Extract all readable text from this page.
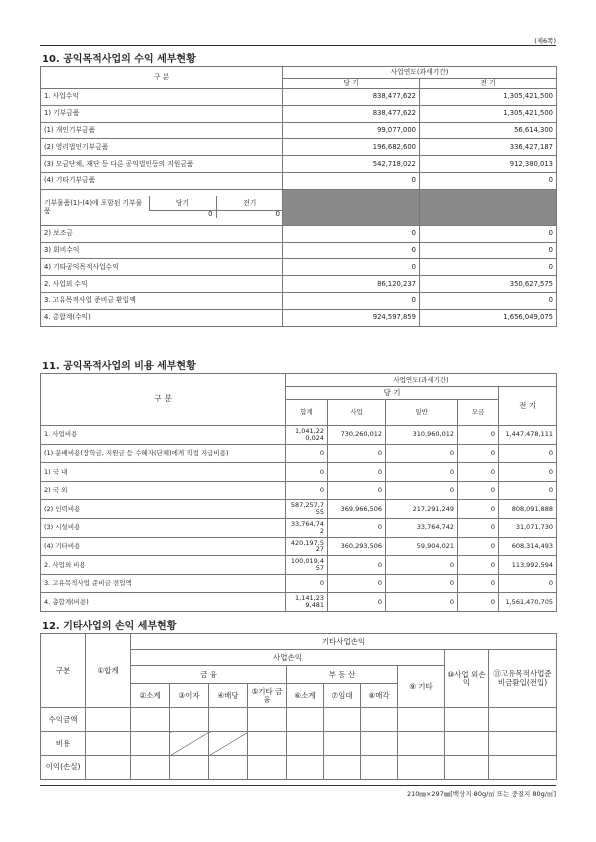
(제6쪽)
10. 공익목적사업의 수익 세부현황
구 분	사업연도(과세기간)
당 기	전 기
1. 사업수익	838,477,622	1,305,421,500
1) 기부금품	838,477,622	1,305,421,500
(1) 개인기부금품	99,077,000	56,614,300
(2) 영리법인기부금품	196,682,600	336,427,187
(3) 모금단체, 재단 등 다른 공익법인등의 지원금품	542,718,022	912,380,013
(4) 기타기부금품	0	0

기부물품(1)-(4)에 포함된 기부물품	당기	전기
0	0

2) 보조금	0	0
3) 회비수익	0	0
4) 기타공익목적사업수익	0	0
2. 사업외 수익	86,120,237	350,627,575
3. 고유목적사업 준비금 환입액	0	0
4. 총합계(수익)	924,597,859	1,656,049,075
11. 공익목적사업의 비용 세부현황
구 분	사업연도(과세기간)				
	당 기				전 기
	합계	사업	일반	모금	
1. 사업비용	1,041,220,024	730,260,012	310,960,012	0	1,447,478,111
(1) 분배비용(장학금, 지원금 등 수혜자(단체)에게 직접 지급비용)	0	0	0	0	0
1) 국 내	0	0	0	0	0
2) 국 외	0	0	0	0	0
(2) 인력비용	587,257,755	369,966,506	217,291,249	0	808,091,888
(3) 시설비용	33,764,742	0	33,764,742	0	31,071,730
(4) 기타비용	420,197,527	360,293,506	59,904,021	0	608,314,493
2. 사업외 비용	100,019,457	0	0	0	113,992,594
3. 고유목적사업 준비금 전입액	0	0	0	0	0
4. 총합계(비용)	1,141,239,481	0	0	0	1,561,470,705
12. 기타사업의 손익 세부현황
구분	①합계	기타사업손익									
		사업손익								⑩사업 외손익	⑪고유목적사업준비금환입(전입)
		금 융				부 동 산			⑨ 기타		
		②소계	③이자	④배당	⑤기타 금융	⑥소계	⑦임대	⑧매각			
수익금액											
비용											
이익(손실)											
210㎜×297㎜[백상지 80g/㎡ 또는 중질지 80g/㎡]
